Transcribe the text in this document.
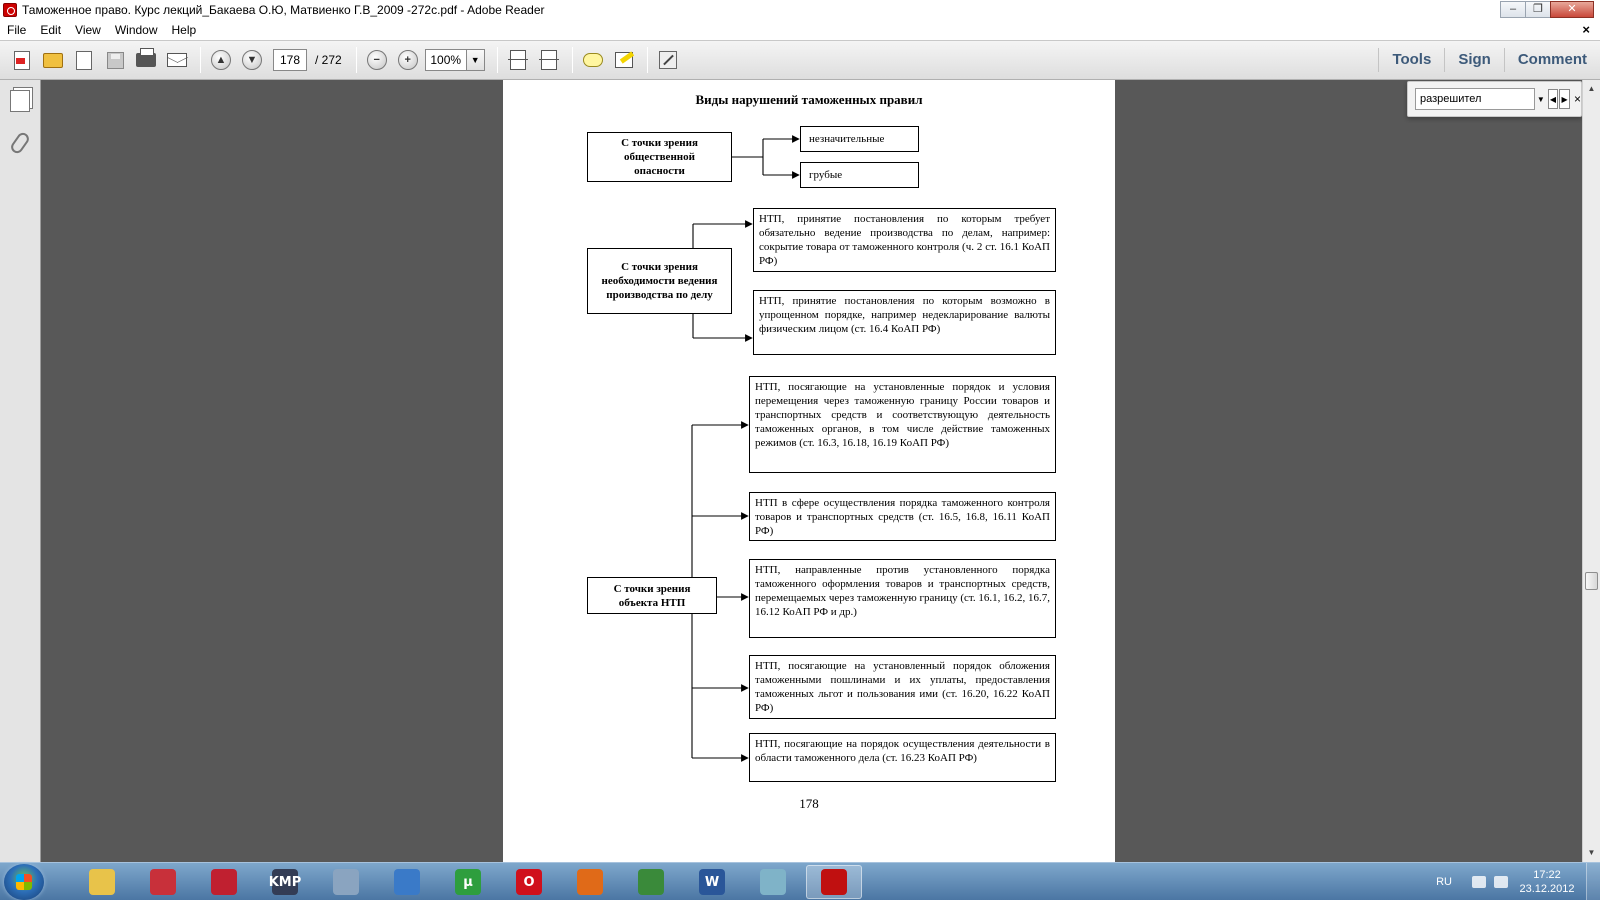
Таможенное право. Курс лекций_Бакаева О.Ю, Матвиенко Г.В_2009 -272c.pdf - Adobe Reader	–	❐	✕
File	Edit	View	Window	Help	×
▲	▼	178	/ 272	−	+	100%	▼	Tools	Sign	Comment
Виды нарушений таможенных правил
С точки зрения общественной опасности
незначительные
грубые
С точки зрения необходимости ведения производства по делу
НТП, принятие постановления по которым требует обязательно ведение производства по делам, например: сокрытие товара от таможенного контроля (ч. 2 ст. 16.1 КоАП РФ)
НТП, принятие постановления по которым возможно в упрощенном порядке, например недекларирование валюты физическим лицом (ст. 16.4 КоАП РФ)
С точки зрения объекта НТП
НТП, посягающие на установленные порядок и условия перемещения через таможенную границу России товаров и транспортных средств и соответствующую деятельность таможенных органов, в том числе действие таможенных режимов (ст. 16.3, 16.18, 16.19 КоАП РФ)
НТП в сфере осуществления порядка таможенного контроля товаров и транспортных средств (ст. 16.5, 16.8, 16.11 КоАП РФ)
НТП, направленные против установленного порядка таможенного оформления товаров и транспортных средств, перемещаемых через таможенную границу (ст. 16.1, 16.2, 16.7, 16.12 КоАП РФ и др.)
НТП, посягающие на установленный порядок обложения таможенными пошлинами и их уплаты, предоставления таможенных льгот и пользования ими (ст. 16.20, 16.22 КоАП РФ)
НТП, посягающие на порядок осуществления деятельности в области таможенного дела (ст. 16.23 КоАП РФ)
178
разрешител
▼ ◀ ▶ ×
▲
▼
KMP	µ	O	W	RU
17:22
23.12.2012
